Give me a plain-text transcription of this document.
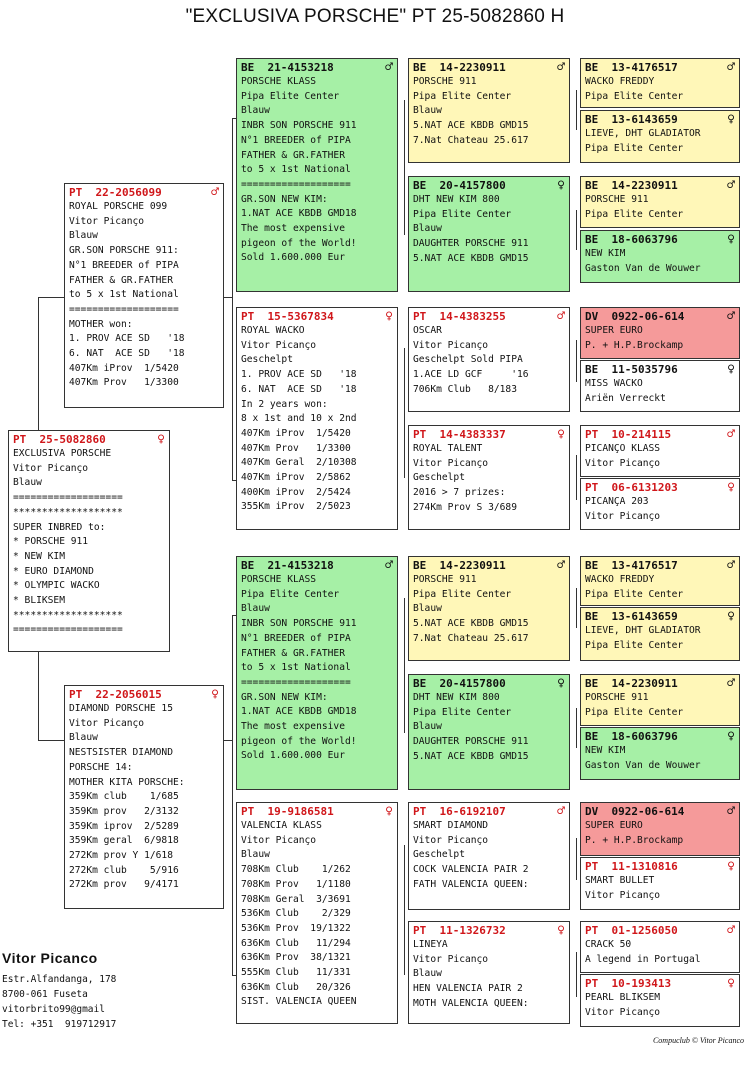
"EXCLUSIVA PORSCHE" PT 25-5082860 H
PT  25-5082860	♀
EXCLUSIVA PORSCHE
Vitor Picanço
Blauw
===================
*******************
SUPER INBRED to:
* PORSCHE 911
* NEW KIM
* EURO DIAMOND
* OLYMPIC WACKO
* BLIKSEM
*******************
===================
PT  22-2056099	♂
ROYAL PORSCHE 099
Vitor Picanço
Blauw
GR.SON PORSCHE 911:
N°1 BREEDER of PIPA
FATHER & GR.FATHER
to 5 x 1st National
===================
MOTHER won:
1. PROV ACE SD   '18
6. NAT  ACE SD   '18
407Km iProv  1/5420
407Km Prov   1/3300
PT  22-2056015	♀
DIAMOND PORSCHE 15
Vitor Picanço
Blauw
NESTSISTER DIAMOND
PORSCHE 14:
MOTHER KITA PORSCHE:
359Km club    1/685
359Km prov   2/3132
359Km iprov  2/5289
359Km geral  6/9818
272Km prov Y 1/618
272Km club    5/916
272Km prov   9/4171
BE  21-4153218	♂
PORSCHE KLASS
Pipa Elite Center
Blauw
INBR SON PORSCHE 911
N°1 BREEDER of PIPA
FATHER & GR.FATHER
to 5 x 1st National
===================
GR.SON NEW KIM:
1.NAT ACE KBDB GMD18
The most expensive
pigeon of the World!
Sold 1.600.000 Eur
PT  15-5367834	♀
ROYAL WACKO
Vitor Picanço
Geschelpt
1. PROV ACE SD   '18
6. NAT  ACE SD   '18
In 2 years won:
8 x 1st and 10 x 2nd
407Km iProv  1/5420
407Km Prov   1/3300
407Km Geral  2/10308
407Km iProv  2/5862
400Km iProv  2/5424
355Km iProv  2/5023
BE  21-4153218	♂
PORSCHE KLASS
Pipa Elite Center
Blauw
INBR SON PORSCHE 911
N°1 BREEDER of PIPA
FATHER & GR.FATHER
to 5 x 1st National
===================
GR.SON NEW KIM:
1.NAT ACE KBDB GMD18
The most expensive
pigeon of the World!
Sold 1.600.000 Eur
PT  19-9186581	♀
VALENCIA KLASS
Vitor Picanço
Blauw
708Km Club    1/262
708Km Prov   1/1180
708Km Geral  3/3691
536Km Club    2/329
536Km Prov  19/1322
636Km Club   11/294
636Km Prov  38/1321
555Km Club   11/331
636Km Club   20/326
SIST. VALENCIA QUEEN
BE  14-2230911	♂
PORSCHE 911
Pipa Elite Center
Blauw
5.NAT ACE KBDB GMD15
7.Nat Chateau 25.617
BE  20-4157800	♀
DHT NEW KIM 800
Pipa Elite Center
Blauw
DAUGHTER PORSCHE 911
5.NAT ACE KBDB GMD15
PT  14-4383255	♂
OSCAR
Vitor Picanço
Geschelpt Sold PIPA
1.ACE LD GCF     '16
706Km Club   8/183
PT  14-4383337	♀
ROYAL TALENT
Vitor Picanço
Geschelpt
2016 > 7 prizes:
274Km Prov S 3/689
BE  14-2230911	♂
PORSCHE 911
Pipa Elite Center
Blauw
5.NAT ACE KBDB GMD15
7.Nat Chateau 25.617
BE  20-4157800	♀
DHT NEW KIM 800
Pipa Elite Center
Blauw
DAUGHTER PORSCHE 911
5.NAT ACE KBDB GMD15
PT  16-6192107	♂
SMART DIAMOND
Vitor Picanço
Geschelpt
COCK VALENCIA PAIR 2
FATH VALENCIA QUEEN:
PT  11-1326732	♀
LINEYA
Vitor Picanço
Blauw
HEN VALENCIA PAIR 2
MOTH VALENCIA QUEEN:
BE  13-4176517	♂
WACKO FREDDY
Pipa Elite Center
BE  13-6143659	♀
LIEVE, DHT GLADIATOR
Pipa Elite Center
BE  14-2230911	♂
PORSCHE 911
Pipa Elite Center
BE  18-6063796	♀
NEW KIM
Gaston Van de Wouwer
DV  0922-06-614	♂
SUPER EURO
P. + H.P.Brockamp
BE  11-5035796	♀
MISS WACKO
Ariën Verreckt
PT  10-214115	♂
PICANÇO KLASS
Vitor Picanço
PT  06-6131203	♀
PICANÇA 203
Vitor Picanço
BE  13-4176517	♂
WACKO FREDDY
Pipa Elite Center
BE  13-6143659	♀
LIEVE, DHT GLADIATOR
Pipa Elite Center
BE  14-2230911	♂
PORSCHE 911
Pipa Elite Center
BE  18-6063796	♀
NEW KIM
Gaston Van de Wouwer
DV  0922-06-614	♂
SUPER EURO
P. + H.P.Brockamp
PT  11-1310816	♀
SMART BULLET
Vitor Picanço
PT  01-1256050	♂
CRACK 50
A legend in Portugal
PT  10-193413	♀
PEARL BLIKSEM
Vitor Picanço
Vitor Picanco
Estr.Alfandanga, 178
8700-061 Fuseta
vitorbrito99@gmail
Tel: +351  919712917
Compuclub © Vitor Picanco
